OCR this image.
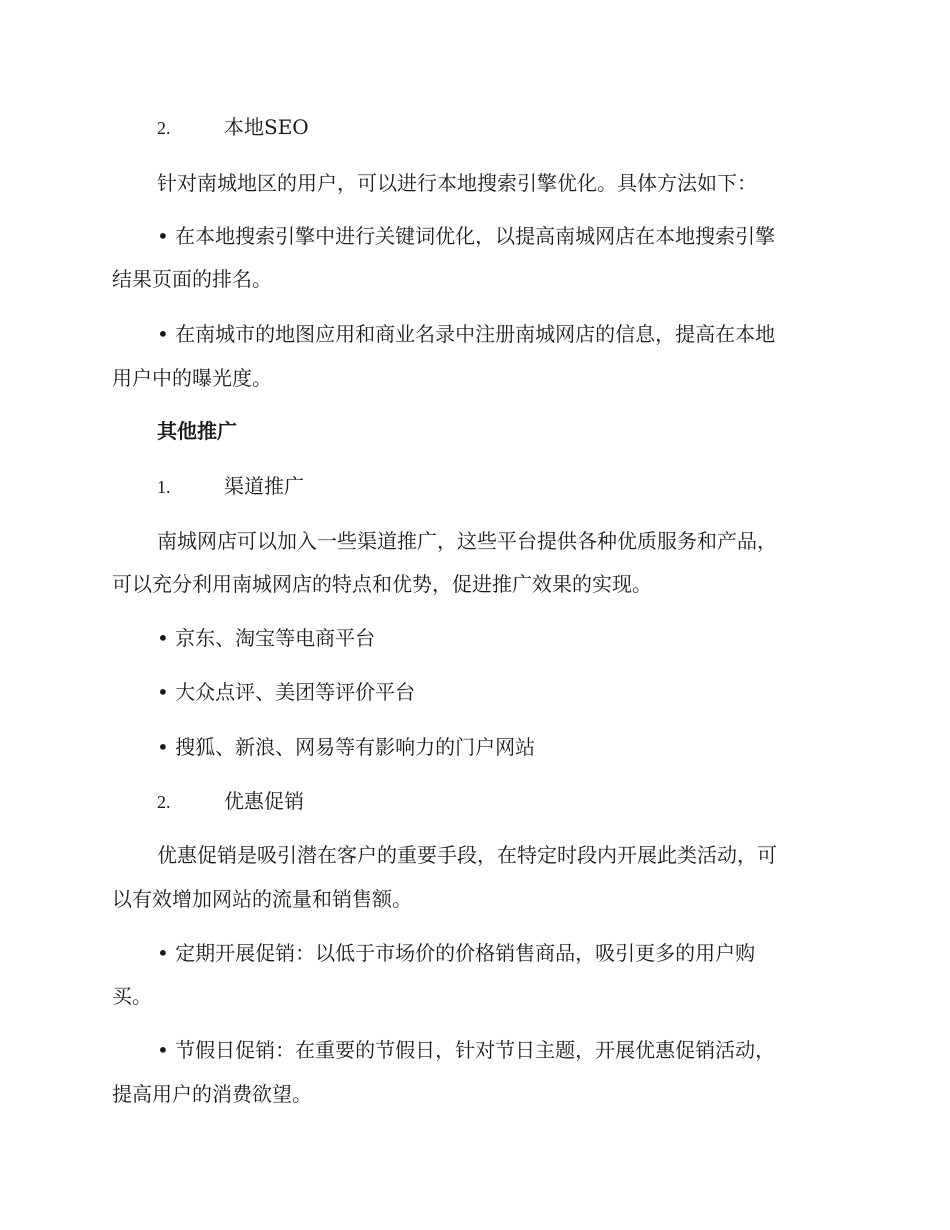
2.	本地SEO
针对南城地区的用户，可以进行本地搜索引擎优化。具体方法如下：
• 在本地搜索引擎中进行关键词优化，以提高南城网店在本地搜索引擎
结果页面的排名。
• 在南城市的地图应用和商业名录中注册南城网店的信息，提高在本地
用户中的曝光度。
其他推广
1.	渠道推广
南城网店可以加入一些渠道推广，这些平台提供各种优质服务和产品，
可以充分利用南城网店的特点和优势，促进推广效果的实现。
• 京东、淘宝等电商平台
• 大众点评、美团等评价平台
• 搜狐、新浪、网易等有影响力的门户网站
2.	优惠促销
优惠促销是吸引潜在客户的重要手段，在特定时段内开展此类活动，可
以有效增加网站的流量和销售额。
• 定期开展促销：以低于市场价的价格销售商品，吸引更多的用户购
买。
• 节假日促销：在重要的节假日，针对节日主题，开展优惠促销活动，
提高用户的消费欲望。
